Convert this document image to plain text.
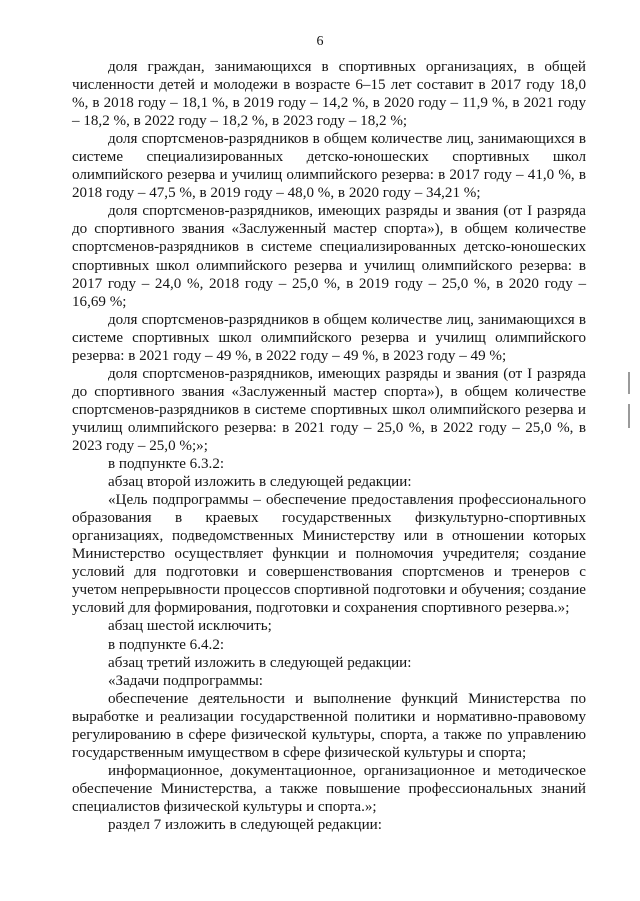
6

доля граждан, занимающихся в спортивных организациях, в общей численности детей и молодежи в возрасте 6–15 лет составит в 2017 году 18,0 %, в 2018 году – 18,1 %, в 2019 году – 14,2 %, в 2020 году – 11,9 %, в 2021 году – 18,2 %, в 2022 году – 18,2 %, в 2023 году – 18,2 %;

доля спортсменов-разрядников в общем количестве лиц, занимающихся в системе специализированных детско-юношеских спортивных школ олимпийского резерва и училищ олимпийского резерва: в 2017 году – 41,0 %, в 2018 году – 47,5 %, в 2019 году – 48,0 %, в 2020 году – 34,21 %;

доля спортсменов-разрядников, имеющих разряды и звания (от I разряда до спортивного звания «Заслуженный мастер спорта»), в общем количестве спортсменов-разрядников в системе специализированных детско-юношеских спортивных школ олимпийского резерва и училищ олимпийского резерва: в 2017 году – 24,0 %, 2018 году – 25,0 %, в 2019 году – 25,0 %, в 2020 году – 16,69 %;

доля спортсменов-разрядников в общем количестве лиц, занимающихся в системе спортивных школ олимпийского резерва и училищ олимпийского резерва: в 2021 году – 49 %, в 2022 году – 49 %, в 2023 году – 49 %;

доля спортсменов-разрядников, имеющих разряды и звания (от I разряда до спортивного звания «Заслуженный мастер спорта»), в общем количестве спортсменов-разрядников в системе спортивных школ олимпийского резерва и училищ олимпийского резерва: в 2021 году – 25,0 %, в 2022 году – 25,0 %, в 2023 году – 25,0 %;»;

в подпункте 6.3.2:

абзац второй изложить в следующей редакции:

«Цель подпрограммы – обеспечение предоставления профессионального образования в краевых государственных физкультурно-спортивных организациях, подведомственных Министерству или в отношении которых Министерство осуществляет функции и полномочия учредителя; создание условий для подготовки и совершенствования спортсменов и тренеров с учетом непрерывности процессов спортивной подготовки и обучения; создание условий для формирования, подготовки и сохранения спортивного резерва.»;

абзац шестой исключить;

в подпункте 6.4.2:

абзац третий изложить в следующей редакции:

«Задачи подпрограммы:

обеспечение деятельности и выполнение функций Министерства по выработке и реализации государственной политики и нормативно-правовому регулированию в сфере физической культуры, спорта, а также по управлению государственным имуществом в сфере физической культуры и спорта;

информационное, документационное, организационное и методическое обеспечение Министерства, а также повышение профессиональных знаний специалистов физической культуры и спорта.»;

раздел 7 изложить в следующей редакции:
